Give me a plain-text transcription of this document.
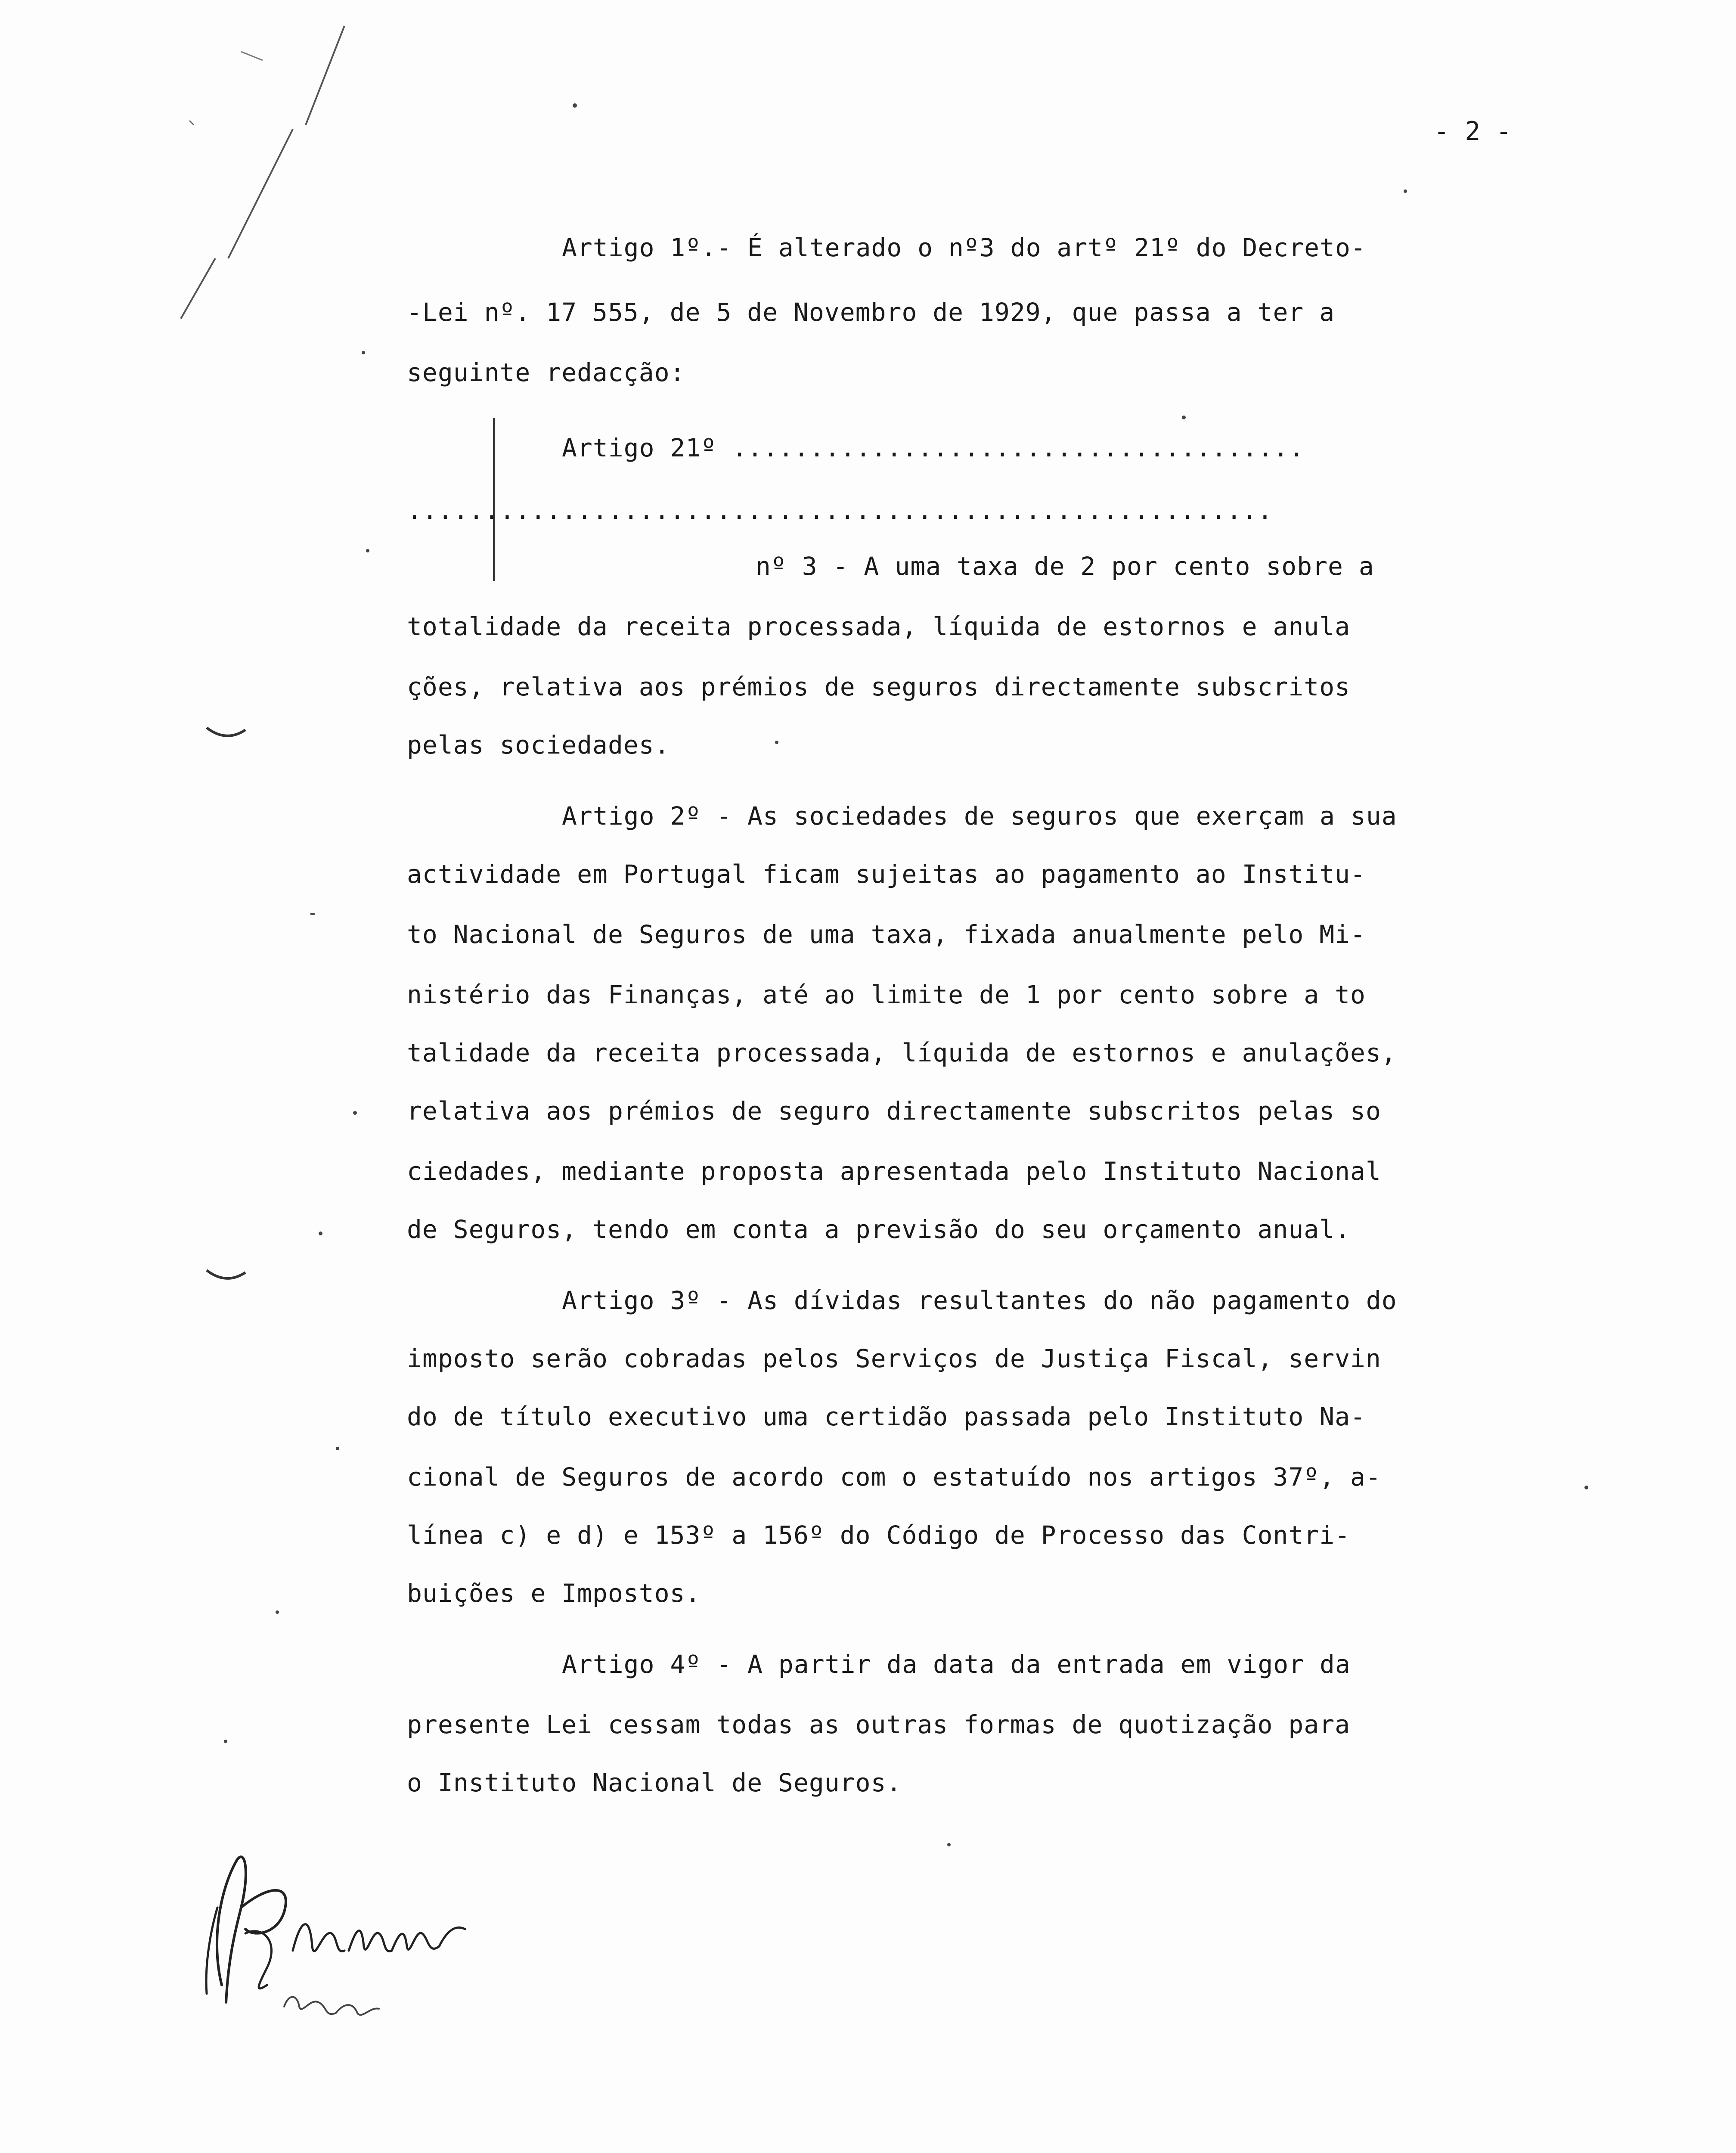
- 2 -
Artigo 1º.- É alterado o nº3 do artº 21º do Decreto-
-Lei nº. 17 555, de 5 de Novembro de 1929, que passa a ter a
seguinte redacção:
Artigo 21º .....................................
........................................................
nº 3 - A uma taxa de 2 por cento sobre a
totalidade da receita processada, líquida de estornos e anula
ções, relativa aos prémios de seguros directamente subscritos
pelas sociedades.
Artigo 2º - As sociedades de seguros que exerçam a sua
actividade em Portugal ficam sujeitas ao pagamento ao Institu-
to Nacional de Seguros de uma taxa, fixada anualmente pelo Mi-
nistério das Finanças, até ao limite de 1 por cento sobre a to
talidade da receita processada, líquida de estornos e anulações,
relativa aos prémios de seguro directamente subscritos pelas so
ciedades, mediante proposta apresentada pelo Instituto Nacional
de Seguros, tendo em conta a previsão do seu orçamento anual.
Artigo 3º - As dívidas resultantes do não pagamento do
imposto serão cobradas pelos Serviços de Justiça Fiscal, servin
do de título executivo uma certidão passada pelo Instituto Na-
cional de Seguros de acordo com o estatuído nos artigos 37º, a-
línea c) e d) e 153º a 156º do Código de Processo das Contri-
buições e Impostos.
Artigo 4º - A partir da data da entrada em vigor da
presente Lei cessam todas as outras formas de quotização para
o Instituto Nacional de Seguros.
